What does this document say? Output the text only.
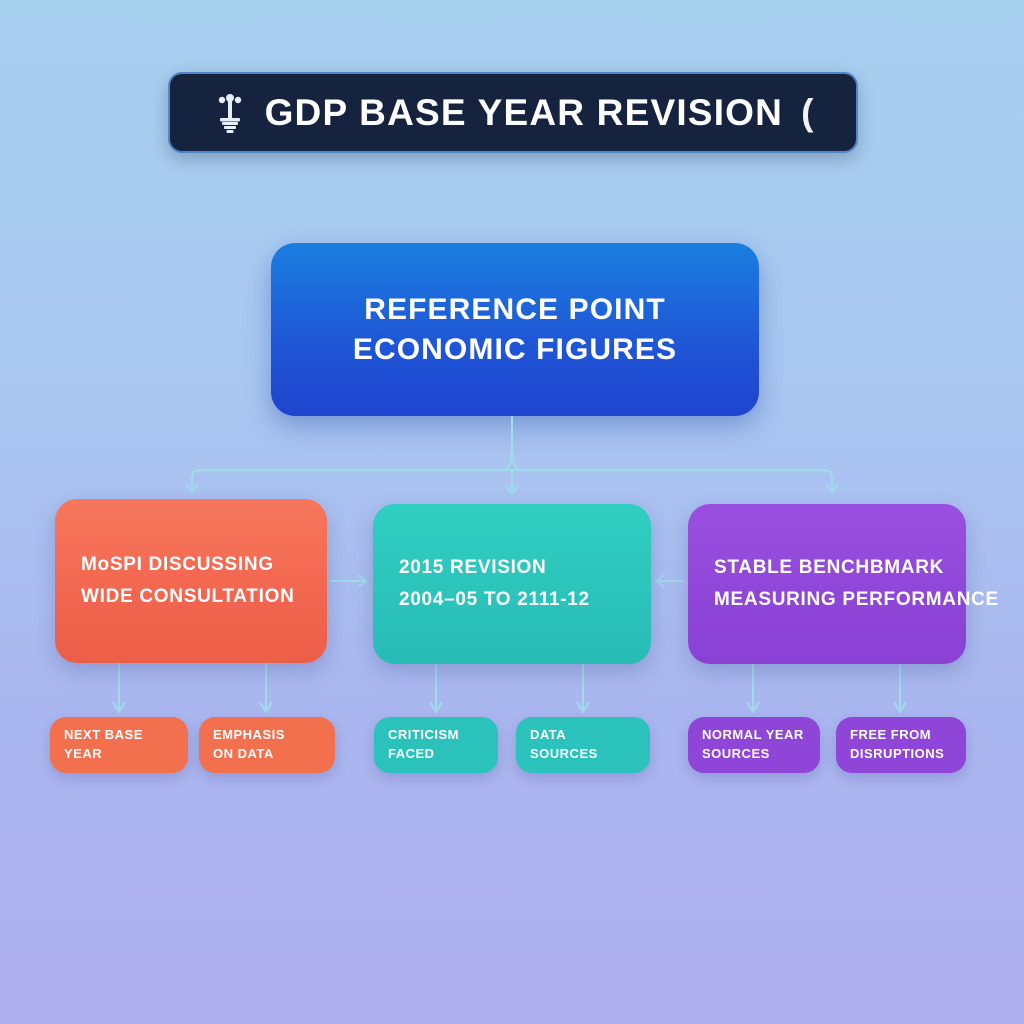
GDP BASE YEAR REVISION (
REFERENCE POINT
ECONOMIC FIGURES
MoSPI DISCUSSING
WIDE CONSULTATION
2015 REVISION
2004–05 TO 2111-12
STABLE BENCHBMARK
MEASURING PERFORMANCE
NEXT BASE YEAR
EMPHASIS
ON DATA
CRITICISM
FACED
DATA SOURCES
NORMAL YEAR
SOURCES
FREE FROM
DISRUPTIONS
